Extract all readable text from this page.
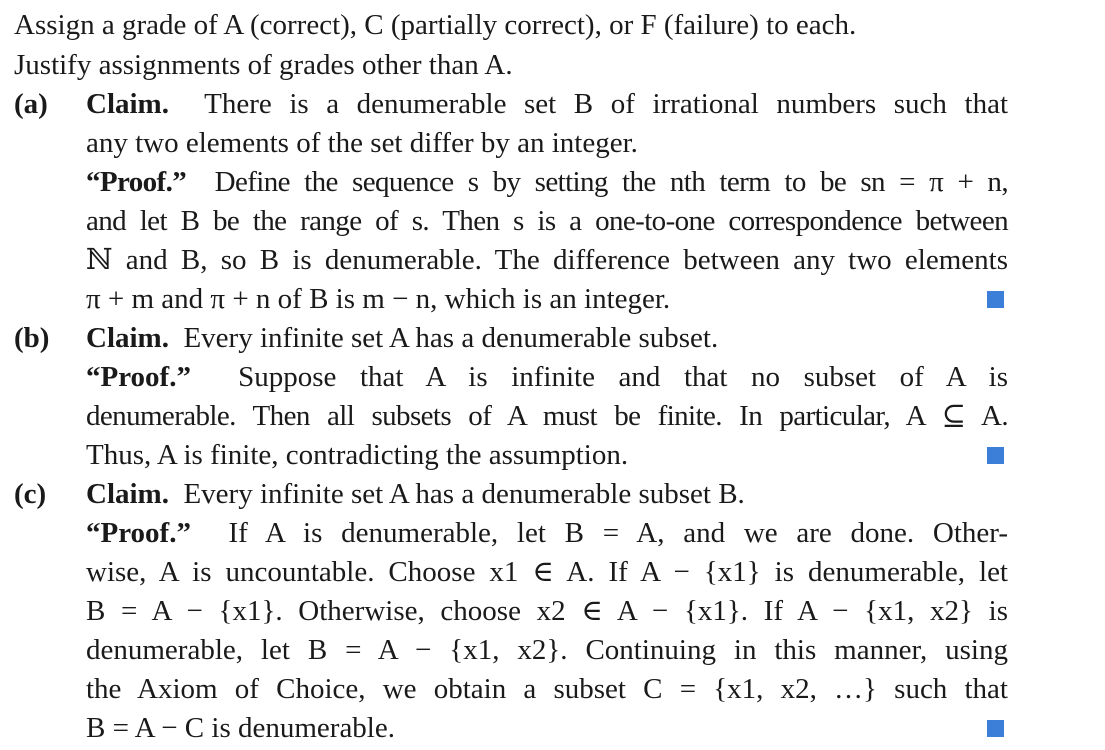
Assign a grade of A (correct), C (partially correct), or F (failure) to each.
Justify assignments of grades other than A.
(a) Claim. There is a denumerable set B of irrational numbers such that
any two elements of the set differ by an integer.
“Proof.” Define the sequence s by setting the nth term to be sn = π + n,
and let B be the range of s. Then s is a one-to-one correspondence between
ℕ and B, so B is denumerable. The difference between any two elements
π + m and π + n of B is m − n, which is an integer.
(b) Claim. Every infinite set A has a denumerable subset.
“Proof.” Suppose that A is infinite and that no subset of A is
denumerable. Then all subsets of A must be finite. In particular, A ⊆ A.
Thus, A is finite, contradicting the assumption.
(c) Claim. Every infinite set A has a denumerable subset B.
“Proof.” If A is denumerable, let B = A, and we are done. Other-
wise, A is uncountable. Choose x1 ∈ A. If A − {x1} is denumerable, let
B = A − {x1}. Otherwise, choose x2 ∈ A − {x1}. If A − {x1, x2} is
denumerable, let B = A − {x1, x2}. Continuing in this manner, using
the Axiom of Choice, we obtain a subset C = {x1, x2, …} such that
B = A − C is denumerable.
